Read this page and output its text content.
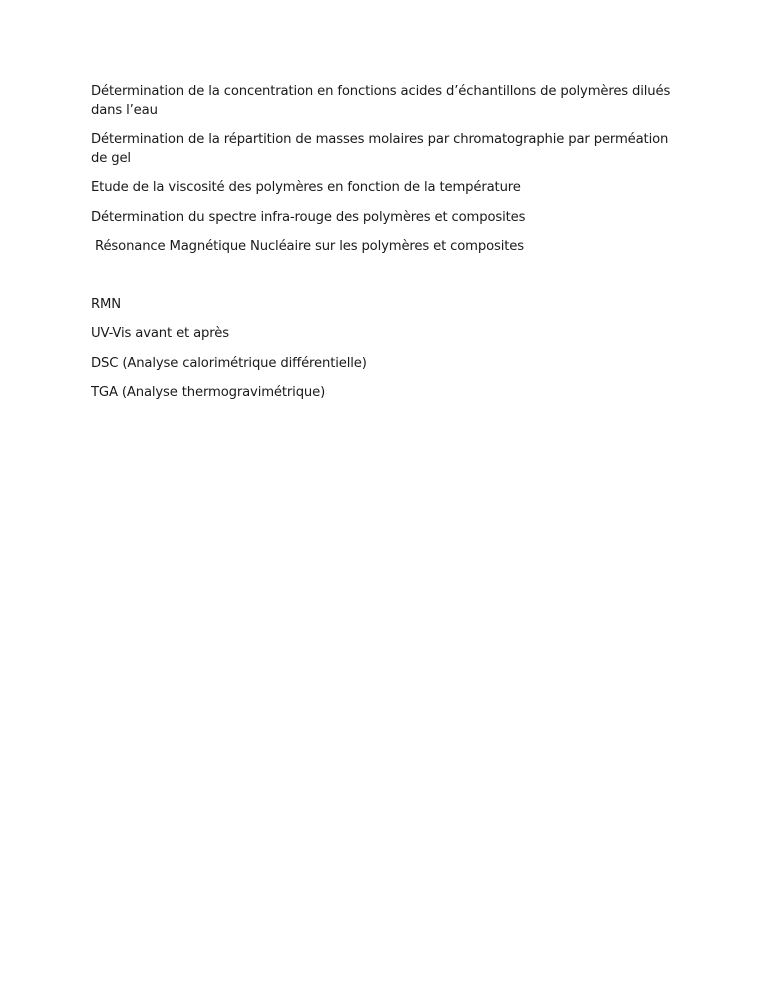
Détermination de la concentration en fonctions acides d’échantillons de polymères dilués dans l’eau

Détermination de la répartition de masses molaires par chromatographie par perméation de gel

Etude de la viscosité des polymères en fonction de la température

Détermination du spectre infra-rouge des polymères et composites

Résonance Magnétique Nucléaire sur les polymères et composites

RMN

UV-Vis avant et après

DSC (Analyse calorimétrique différentielle)

TGA (Analyse thermogravimétrique)
